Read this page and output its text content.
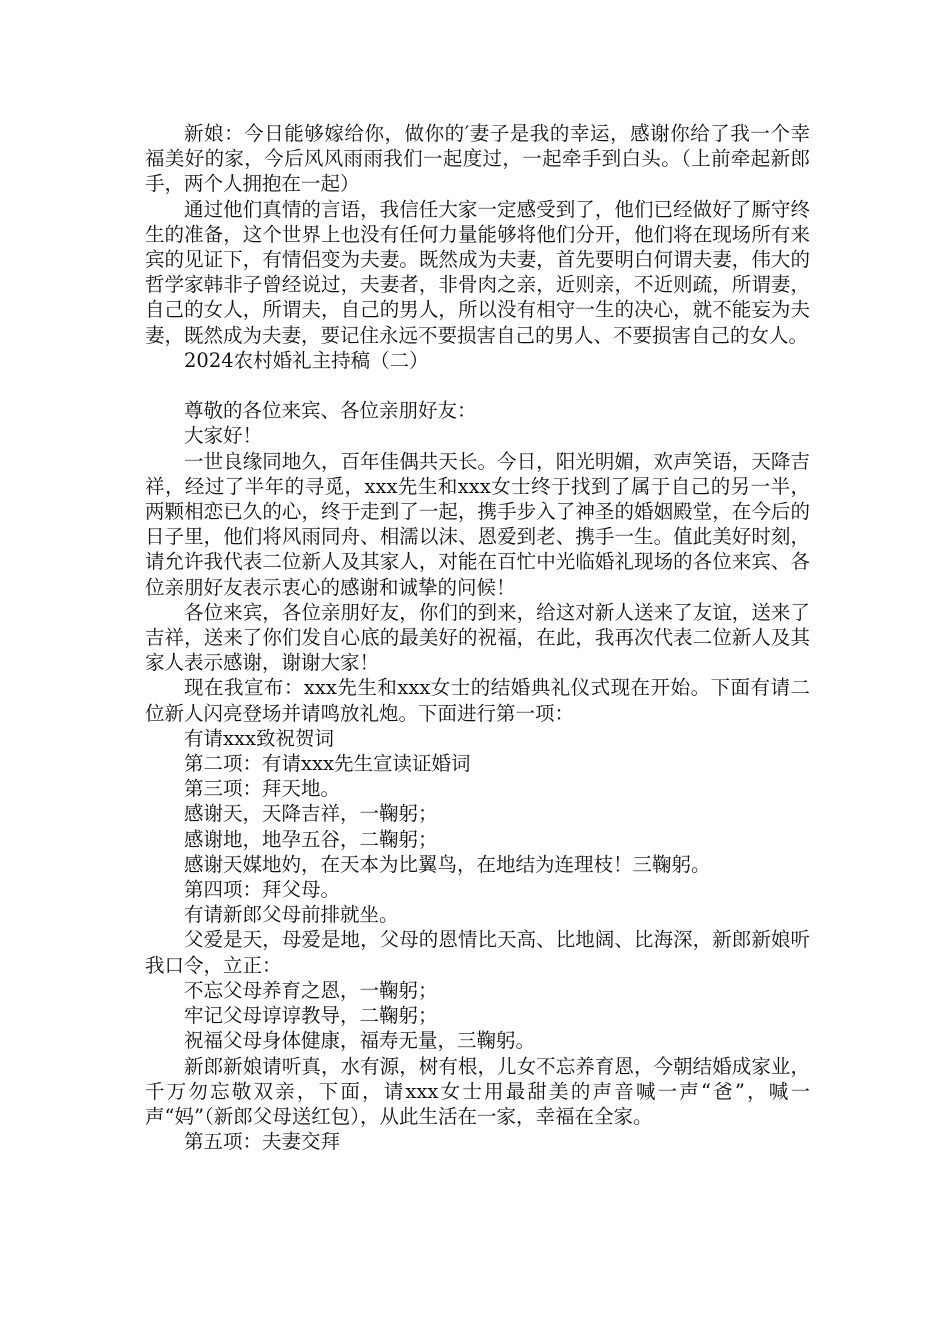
新娘：今日能够嫁给你，做你的′妻子是我的幸运，感谢你给了我一个幸福美好的家，今后风风雨雨我们一起度过，一起牵手到白头。（上前牵起新郎手，两个人拥抱在一起）

通过他们真情的言语，我信任大家一定感受到了，他们已经做好了厮守终生的准备，这个世界上也没有任何力量能够将他们分开，他们将在现场所有来宾的见证下，有情侣变为夫妻。既然成为夫妻，首先要明白何谓夫妻，伟大的哲学家韩非子曾经说过，夫妻者，非骨肉之亲，近则亲，不近则疏，所谓妻，自己的女人，所谓夫，自己的男人，所以没有相守一生的决心，就不能妄为夫妻，既然成为夫妻，要记住永远不要损害自己的男人、不要损害自己的女人。

2024农村婚礼主持稿（二）

尊敬的各位来宾、各位亲朋好友：

大家好！

一世良缘同地久，百年佳偶共天长。今日，阳光明媚，欢声笑语，天降吉祥，经过了半年的寻觅，xxx先生和xxx女士终于找到了属于自己的另一半，两颗相恋已久的心，终于走到了一起，携手步入了神圣的婚姻殿堂，在今后的日子里，他们将风雨同舟、相濡以沫、恩爱到老、携手一生。值此美好时刻，请允许我代表二位新人及其家人，对能在百忙中光临婚礼现场的各位来宾、各位亲朋好友表示衷心的感谢和诚挚的问候！

各位来宾，各位亲朋好友，你们的到来，给这对新人送来了友谊，送来了吉祥，送来了你们发自心底的最美好的祝福，在此，我再次代表二位新人及其家人表示感谢，谢谢大家！

现在我宣布：xxx先生和xxx女士的结婚典礼仪式现在开始。下面有请二位新人闪亮登场并请鸣放礼炮。下面进行第一项：

有请xxx致祝贺词

第二项：有请xxx先生宣读证婚词

第三项：拜天地。

感谢天，天降吉祥，一鞠躬；

感谢地，地孕五谷，二鞠躬；

感谢天媒地妁，在天本为比翼鸟，在地结为连理枝！三鞠躬。

第四项：拜父母。

有请新郎父母前排就坐。

父爱是天，母爱是地，父母的恩情比天高、比地阔、比海深，新郎新娘听我口令，立正：

不忘父母养育之恩，一鞠躬；

牢记父母谆谆教导，二鞠躬；

祝福父母身体健康，福寿无量，三鞠躬。

新郎新娘请听真，水有源，树有根，儿女不忘养育恩，今朝结婚成家业，千万勿忘敬双亲，下面，请xxx女士用最甜美的声音喊一声“爸”，喊一声“妈”（新郎父母送红包），从此生活在一家，幸福在全家。

第五项：夫妻交拜
